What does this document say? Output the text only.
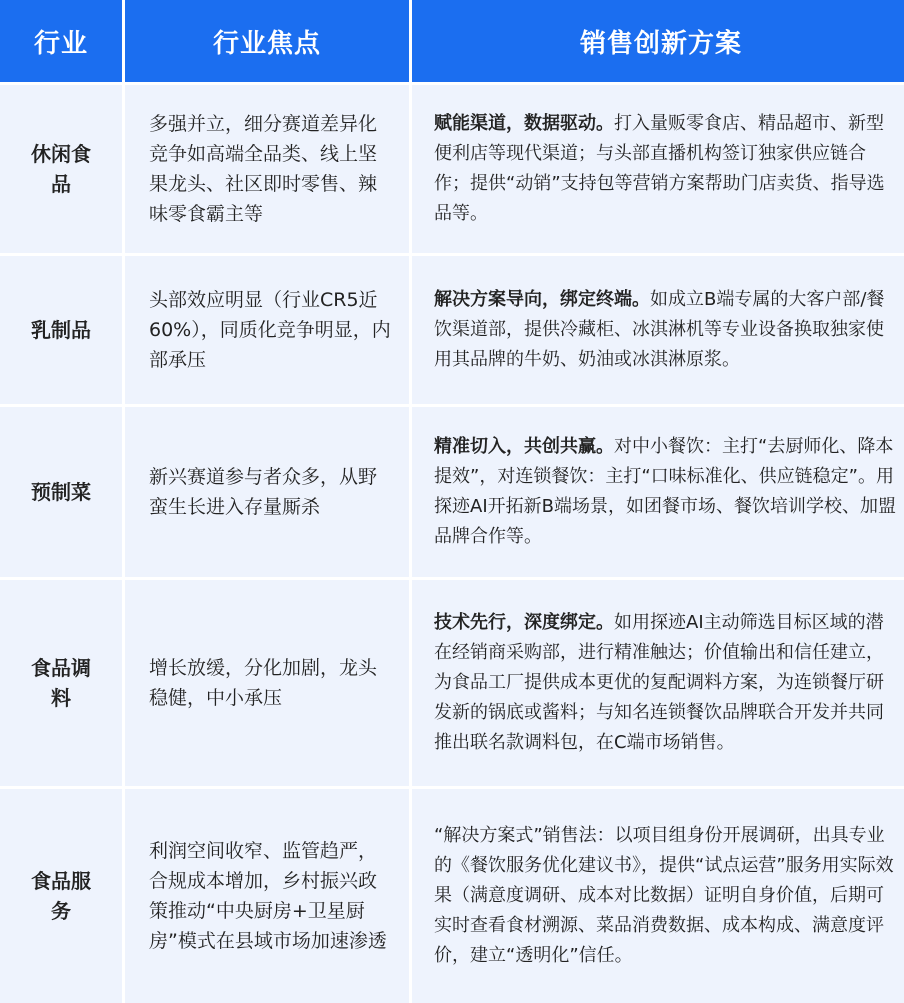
行业	行业焦点	销售创新方案
休闲食品
多强并立，细分赛道差异化竞争如高端全品类、线上坚果龙头、社区即时零售、辣味零食霸主等
赋能渠道，数据驱动。打入量贩零食店、精品超市、新型便利店等现代渠道；与头部直播机构签订独家供应链合作；提供“动销”支持包等营销方案帮助门店卖货、指导选品等。
乳制品
头部效应明显（行业CR5近60%），同质化竞争明显，内部承压
解决方案导向，绑定终端。如成立B端专属的大客户部/餐饮渠道部，提供冷藏柜、冰淇淋机等专业设备换取独家使用其品牌的牛奶、奶油或冰淇淋原浆。
预制菜
新兴赛道参与者众多，从野蛮生长进入存量厮杀
精准切入，共创共赢。对中小餐饮：主打“去厨师化、降本提效”，对连锁餐饮：主打“口味标准化、供应链稳定”。用探迹AI开拓新B端场景，如团餐市场、餐饮培训学校、加盟品牌合作等。
食品调料
增长放缓，分化加剧，龙头稳健，中小承压
技术先行，深度绑定。如用探迹AI主动筛选目标区域的潜在经销商采购部，进行精准触达；价值输出和信任建立，为食品工厂提供成本更优的复配调料方案，为连锁餐厅研发新的锅底或酱料；与知名连锁餐饮品牌联合开发并共同推出联名款调料包，在C端市场销售。
食品服务
利润空间收窄、监管趋严，合规成本增加，乡村振兴政策推动“中央厨房+卫星厨房”模式在县域市场加速渗透
“解决方案式”销售法：以项目组身份开展调研，出具专业的《餐饮服务优化建议书》，提供“试点运营”服务用实际效果（满意度调研、成本对比数据）证明自身价值，后期可实时查看食材溯源、菜品消费数据、成本构成、满意度评价，建立“透明化”信任。
